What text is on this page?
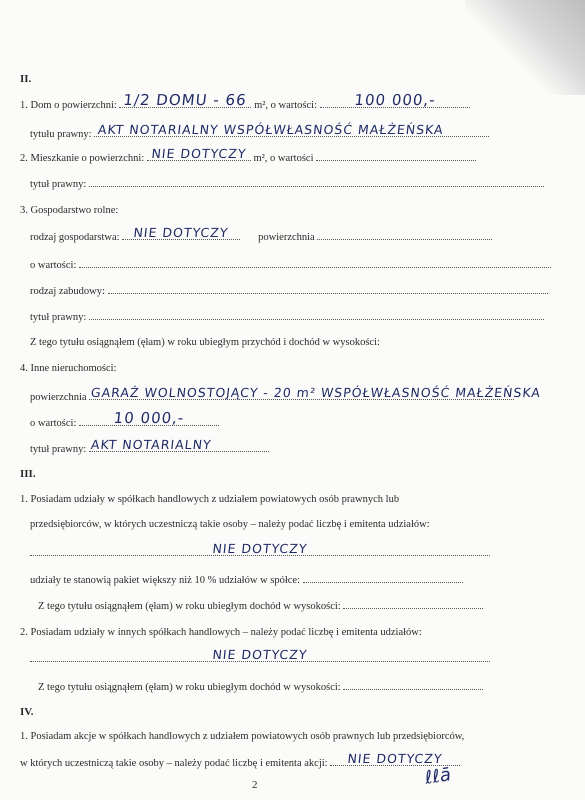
II.
1. Dom o powierzchni: 1/2 DOMU - 66 m², o wartości:	100 000,-
tytułu prawny: AKT NOTARIALNY WSPÓŁWŁASNOŚĆ MAŁŻEŃSKA
2. Mieszkanie o powierzchni: NIE DOTYCZY m², o wartości
tytuł prawny:
3. Gospodarstwo rolne:
rodzaj gospodarstwa: NIE DOTYCZY	powierzchnia
o wartości:
rodzaj zabudowy:
tytuł prawny:
Z tego tytułu osiągnąłem (ęłam) w roku ubiegłym przychód i dochód w wysokości:
4. Inne nieruchomości:
powierzchnia GARAŻ WOLNOSTOJĄCY - 20 m² WSPÓŁWŁASNOŚĆ MAŁŻEŃSKA
o wartości:	10 000,-
tytuł prawny: AKT NOTARIALNY
III.
1. Posiadam udziały w spółkach handlowych z udziałem powiatowych osób prawnych lub
przedsiębiorców, w których uczestniczą takie osoby – należy podać liczbę i emitenta udziałów:
NIE DOTYCZY
udziały te stanowią pakiet większy niż 10 % udziałów w spółce:
Z tego tytułu osiągnąłem (ęłam) w roku ubiegłym dochód w wysokości:
2. Posiadam udziały w innych spółkach handlowych – należy podać liczbę i emitenta udziałów:
NIE DOTYCZY
Z tego tytułu osiągnąłem (ęłam) w roku ubiegłym dochód w wysokości:
IV.
1. Posiadam akcje w spółkach handlowych z udziałem powiatowych osób prawnych lub przedsiębiorców,
w których uczestniczą takie osoby – należy podać liczbę i emitenta akcji:	NIE DOTYCZY
ℓℓā
2
